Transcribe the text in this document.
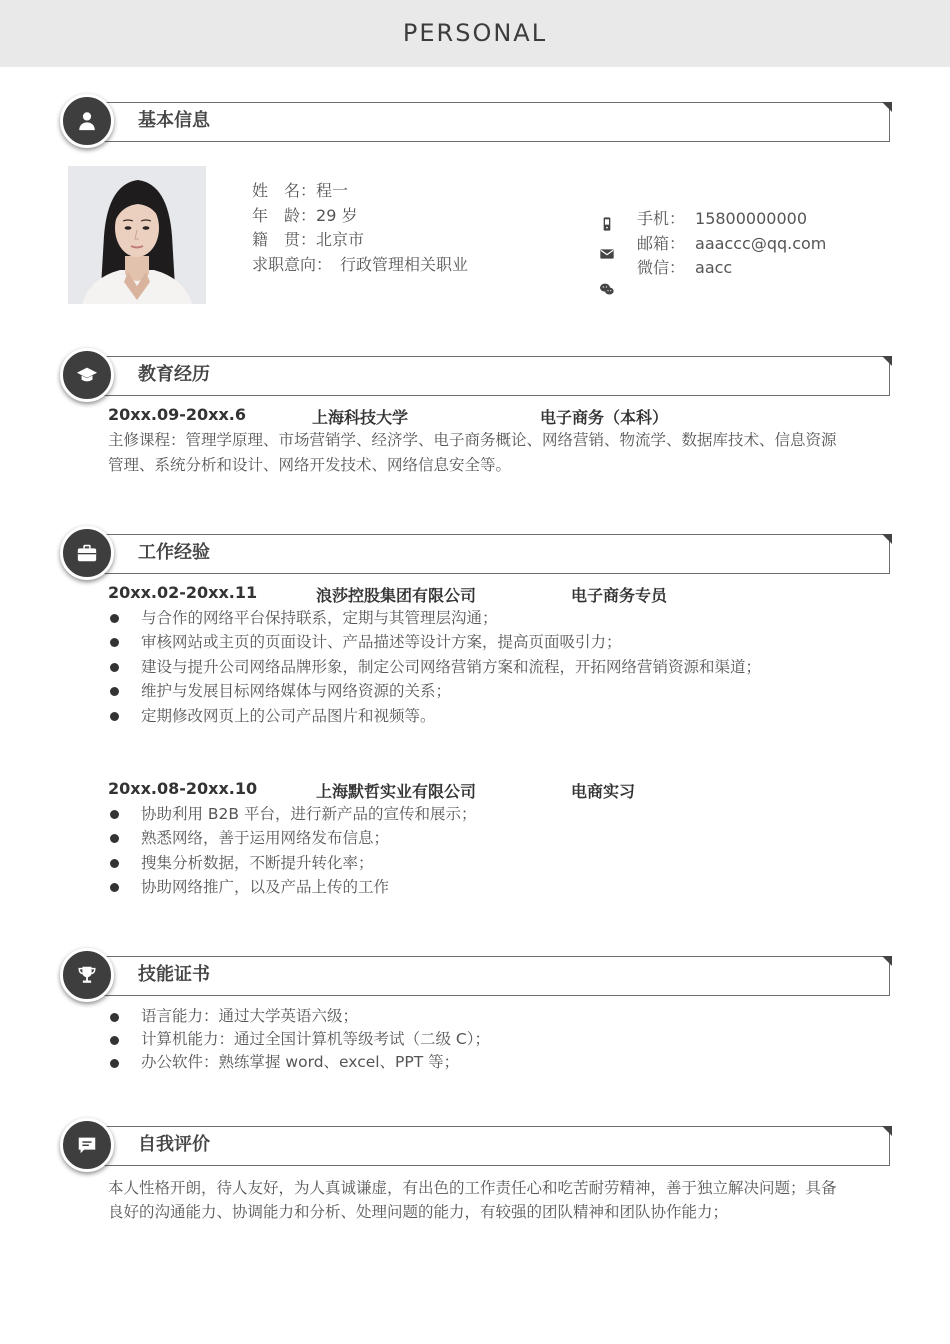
PERSONAL
基本信息
姓　名：程一
年　龄：29 岁
籍　贯：北京市
求职意向： 行政管理相关职业
手机： 15800000000
邮箱： aaaccc@qq.com
微信： aacc
教育经历
20xx.09-20xx.6	上海科技大学	电子商务（本科）
主修课程：管理学原理、市场营销学、经济学、电子商务概论、网络营销、物流学、数据库技术、信息资源
管理、系统分析和设计、网络开发技术、网络信息安全等。
工作经验
20xx.02-20xx.11	浪莎控股集团有限公司	电子商务专员
与合作的网络平台保持联系，定期与其管理层沟通；
审核网站或主页的页面设计、产品描述等设计方案，提高页面吸引力；
建设与提升公司网络品牌形象，制定公司网络营销方案和流程，开拓网络营销资源和渠道；
维护与发展目标网络媒体与网络资源的关系；
定期修改网页上的公司产品图片和视频等。
20xx.08-20xx.10	上海默哲实业有限公司	电商实习
协助利用 B2B 平台，进行新产品的宣传和展示；
熟悉网络，善于运用网络发布信息；
搜集分析数据，不断提升转化率；
协助网络推广，以及产品上传的工作
技能证书
语言能力：通过大学英语六级；
计算机能力：通过全国计算机等级考试（二级 C）；
办公软件：熟练掌握 word、excel、PPT 等；
自我评价
本人性格开朗，待人友好，为人真诚谦虚，有出色的工作责任心和吃苦耐劳精神，善于独立解决问题；具备
良好的沟通能力、协调能力和分析、处理问题的能力，有较强的团队精神和团队协作能力；
